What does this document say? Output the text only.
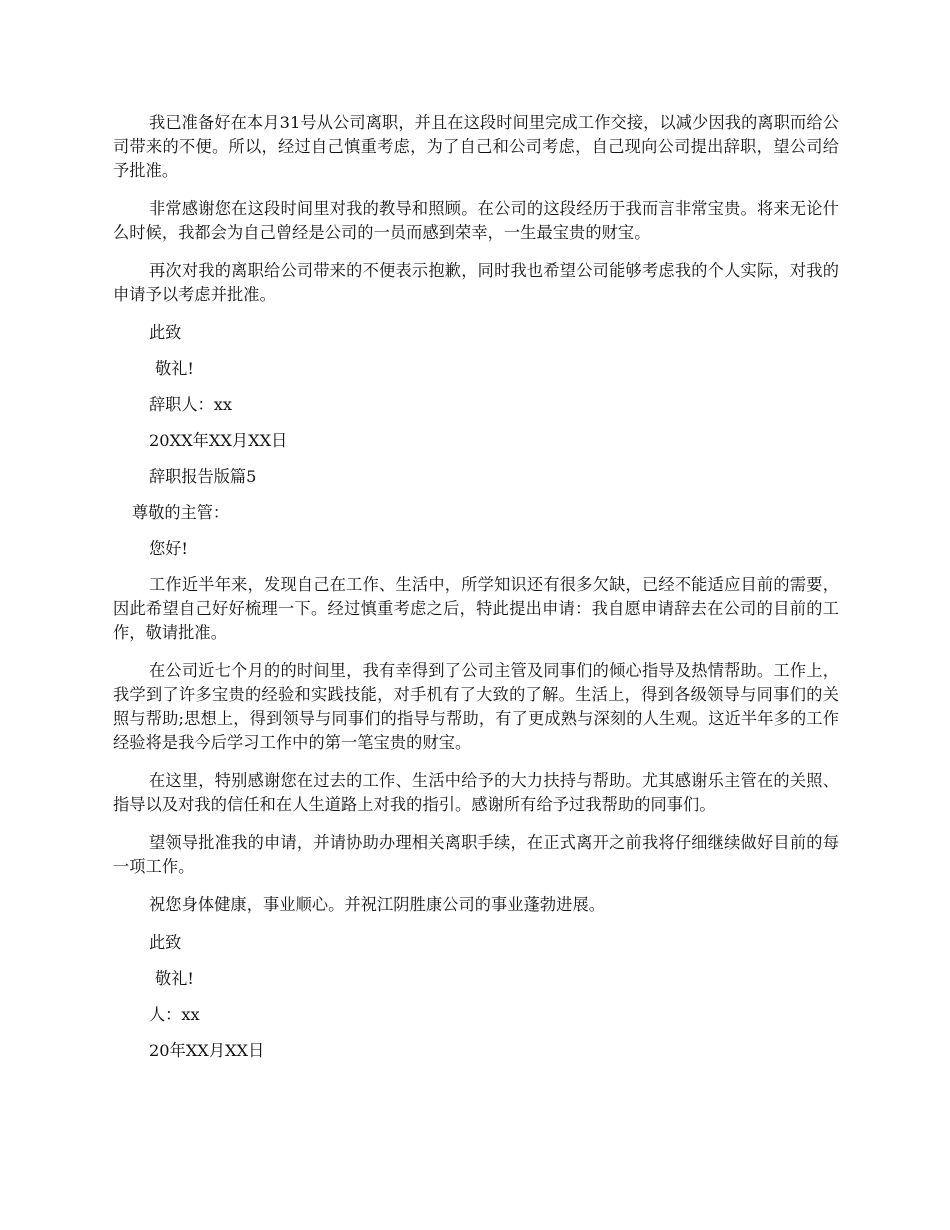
我已准备好在本月31号从公司离职，并且在这段时间里完成工作交接，以减少因我的离职而给公司带来的不便。所以，经过自己慎重考虑，为了自己和公司考虑，自己现向公司提出辞职，望公司给予批准。

非常感谢您在这段时间里对我的教导和照顾。在公司的这段经历于我而言非常宝贵。将来无论什么时候，我都会为自己曾经是公司的一员而感到荣幸，一生最宝贵的财宝。

再次对我的离职给公司带来的不便表示抱歉，同时我也希望公司能够考虑我的个人实际，对我的申请予以考虑并批准。

此致

敬礼!

辞职人：xx

20XX年XX月XX日

辞职报告版篇5

尊敬的主管：

您好!

工作近半年来，发现自己在工作、生活中，所学知识还有很多欠缺，已经不能适应目前的需要，因此希望自己好好梳理一下。经过慎重考虑之后，特此提出申请：我自愿申请辞去在公司的目前的工作，敬请批准。

在公司近七个月的的时间里，我有幸得到了公司主管及同事们的倾心指导及热情帮助。工作上，我学到了许多宝贵的经验和实践技能，对手机有了大致的了解。生活上，得到各级领导与同事们的关照与帮助;思想上，得到领导与同事们的指导与帮助，有了更成熟与深刻的人生观。这近半年多的工作经验将是我今后学习工作中的第一笔宝贵的财宝。

在这里，特别感谢您在过去的工作、生活中给予的大力扶持与帮助。尤其感谢乐主管在的关照、指导以及对我的信任和在人生道路上对我的指引。感谢所有给予过我帮助的同事们。

望领导批准我的申请，并请协助办理相关离职手续，在正式离开之前我将仔细继续做好目前的每一项工作。

祝您身体健康，事业顺心。并祝江阴胜康公司的事业蓬勃进展。

此致

敬礼!

人：xx

20年XX月XX日
